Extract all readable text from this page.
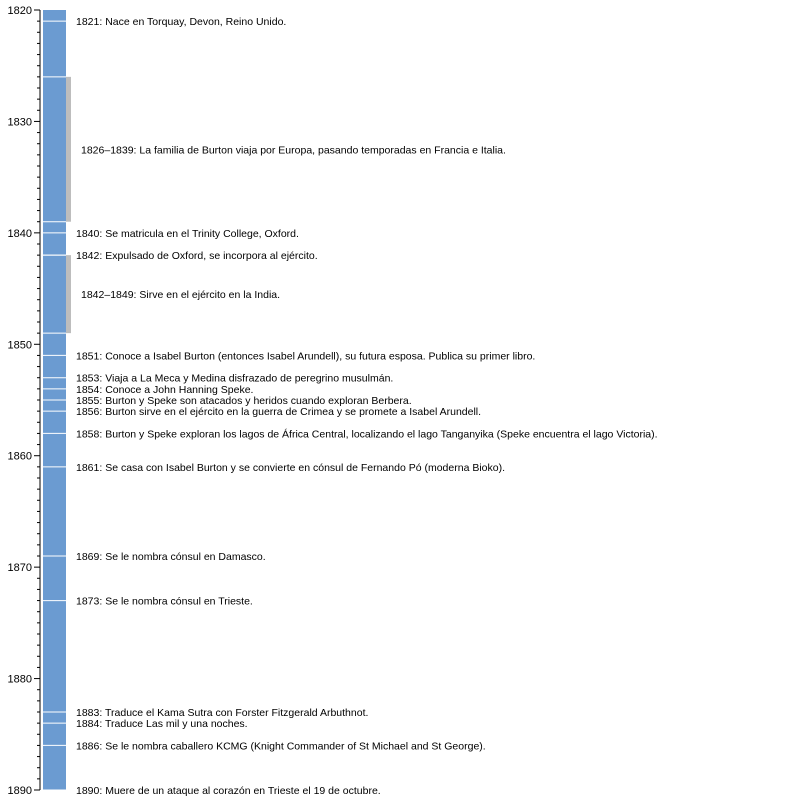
1820
1830
1840
1850
1860
1870
1880
1890
1826–1839: La familia de Burton viaja por Europa, pasando temporadas en Francia e Italia.
1842–1849: Sirve en el ejército en la India.
1821: Nace en Torquay, Devon, Reino Unido.
1840: Se matricula en el Trinity College, Oxford.
1842: Expulsado de Oxford, se incorpora al ejército.
1851: Conoce a Isabel Burton (entonces Isabel Arundell), su futura esposa. Publica su primer libro.
1853: Viaja a La Meca y Medina disfrazado de peregrino musulmán.
1854: Conoce a John Hanning Speke.
1855: Burton y Speke son atacados y heridos cuando exploran Berbera.
1856: Burton sirve en el ejército en la guerra de Crimea y se promete a Isabel Arundell.
1858: Burton y Speke exploran los lagos de África Central, localizando el lago Tanganyika (Speke encuentra el lago Victoria).
1861: Se casa con Isabel Burton y se convierte en cónsul de Fernando Pó (moderna Bioko).
1869: Se le nombra cónsul en Damasco.
1873: Se le nombra cónsul en Trieste.
1883: Traduce el Kama Sutra con Forster Fitzgerald Arbuthnot.
1884: Traduce Las mil y una noches.
1886: Se le nombra caballero KCMG (Knight Commander of St Michael and St George).
1890: Muere de un ataque al corazón en Trieste el 19 de octubre.
